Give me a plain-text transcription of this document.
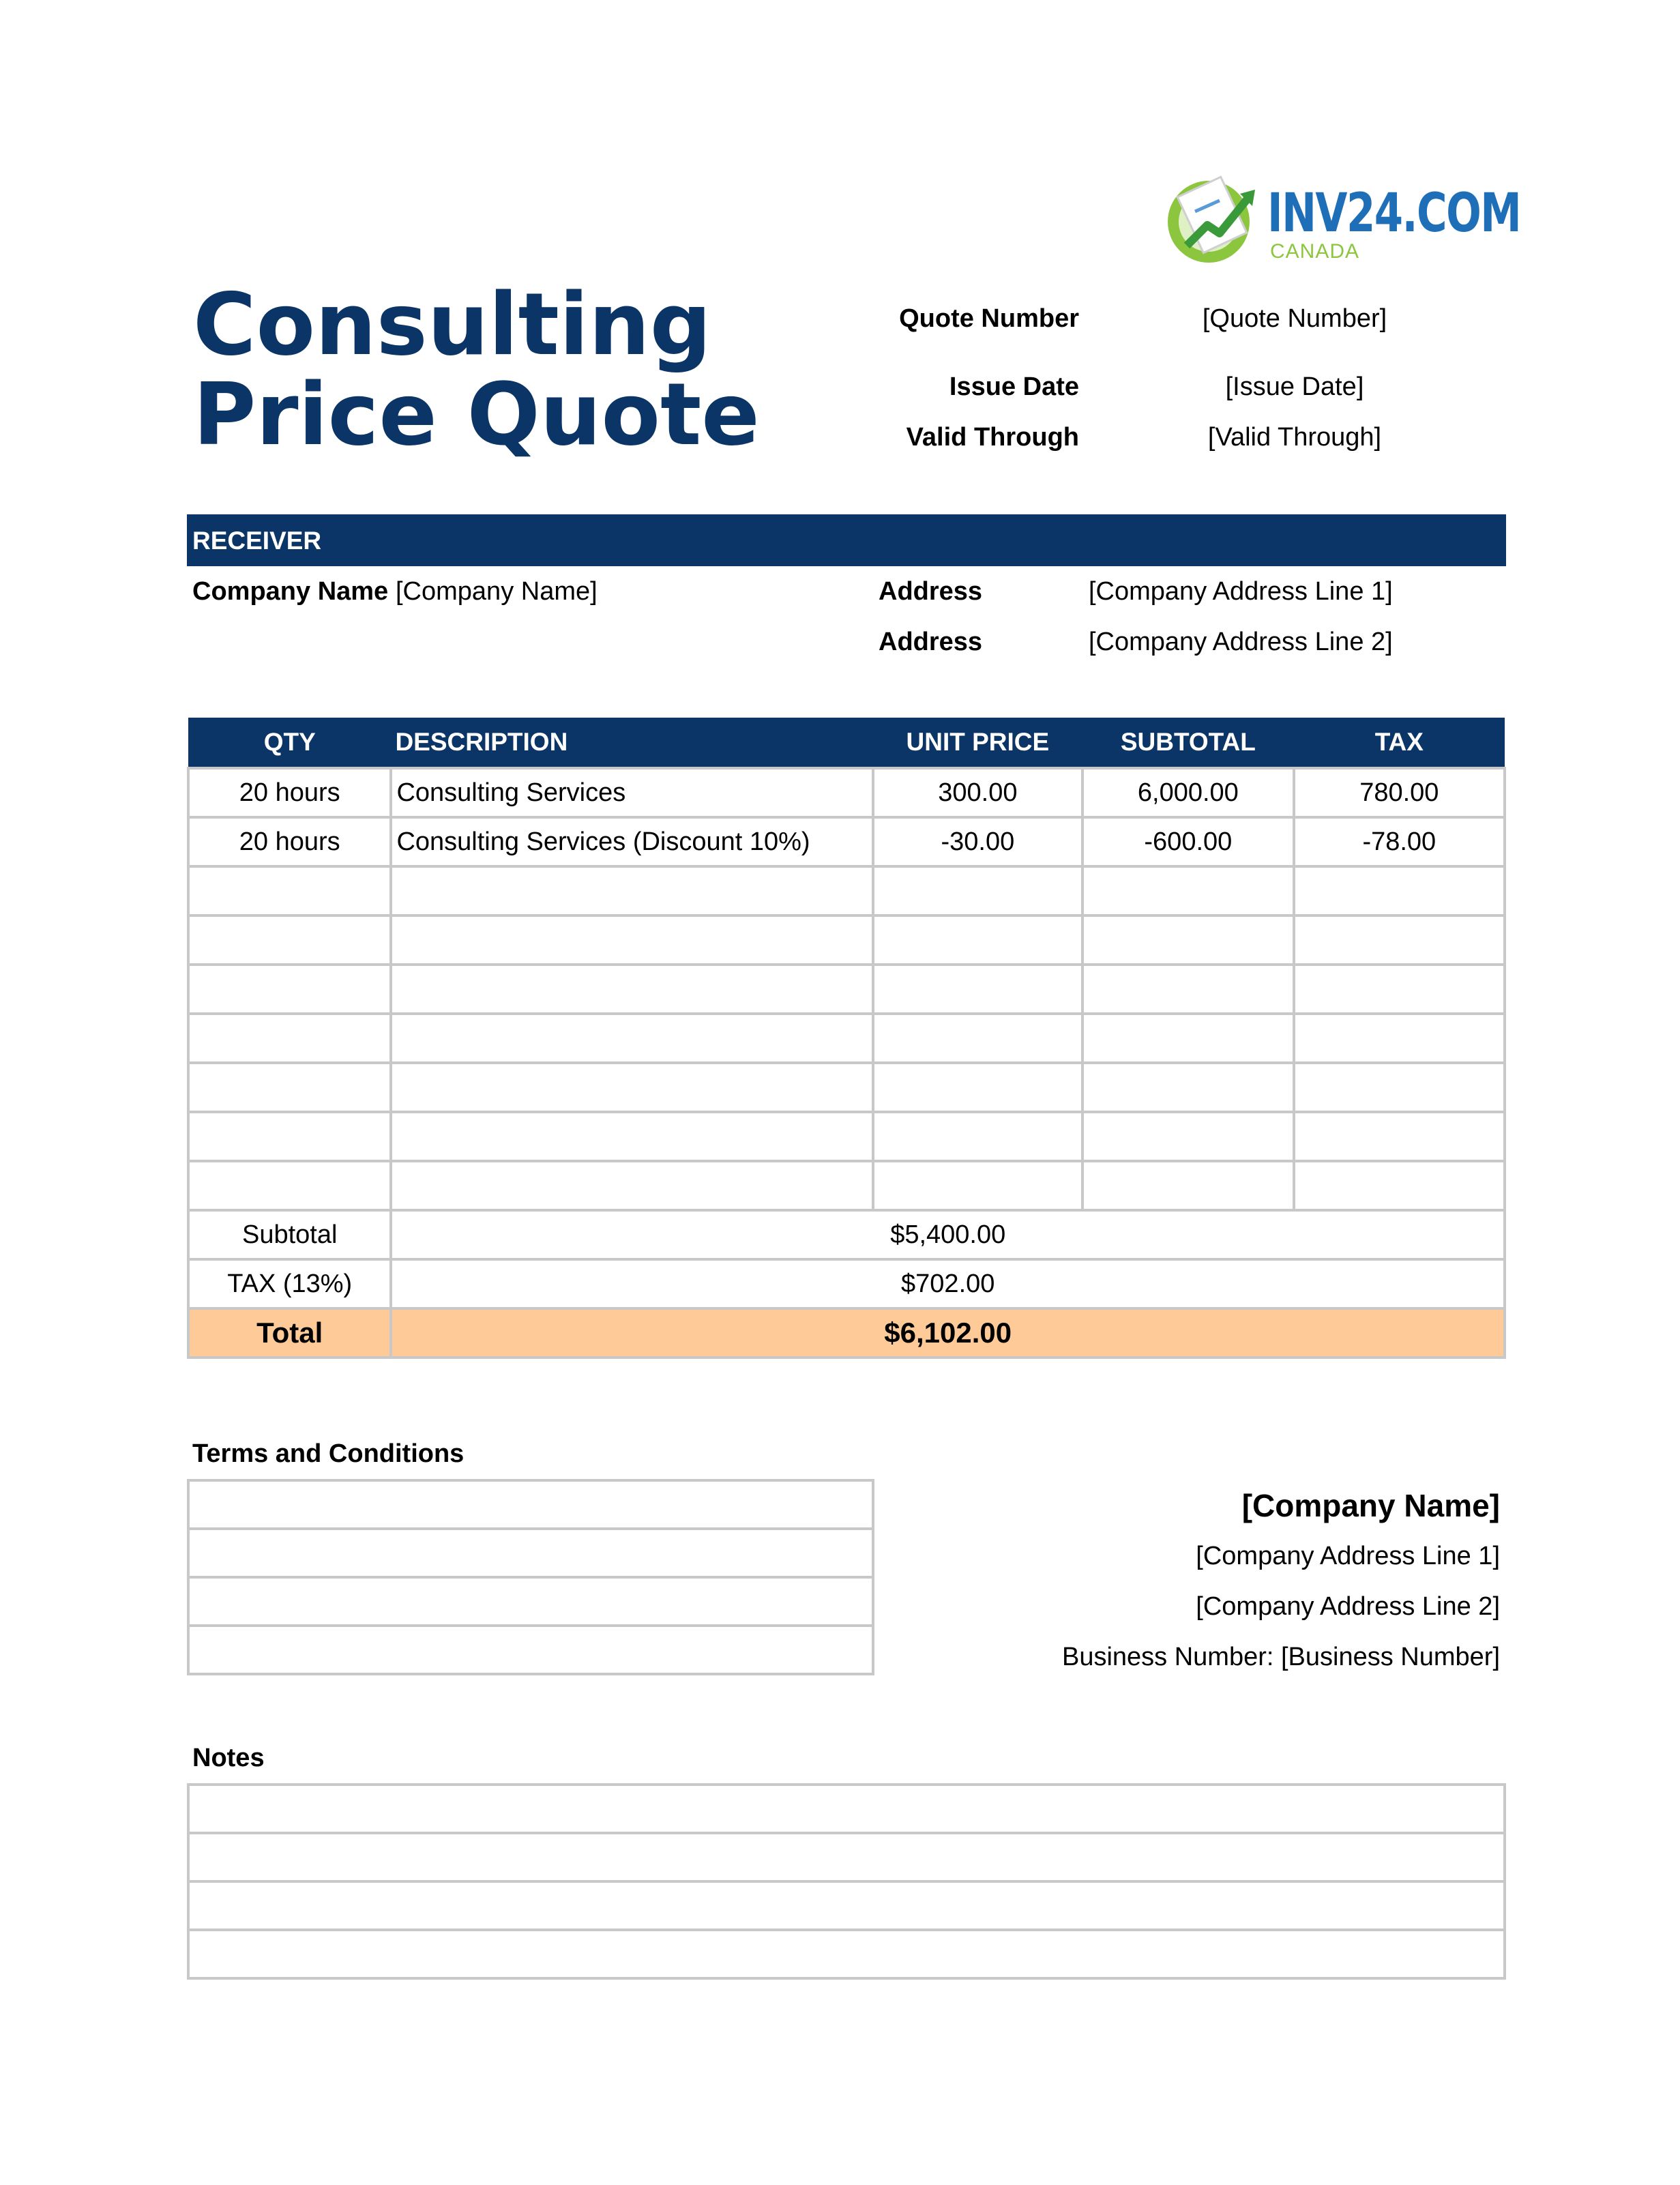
INV24.COM
CANADA
Consulting
Price Quote
Quote Number	[Quote Number]
Issue Date	[Issue Date]
Valid Through	[Valid Through]
RECEIVER
Company Name [Company Name]	Address	[Company Address Line 1]
Address	[Company Address Line 2]
QTY	DESCRIPTION	UNIT PRICE	SUBTOTAL	TAX
20 hours	Consulting Services	300.00	6,000.00	780.00
20 hours	Consulting Services (Discount 10%)	-30.00	-600.00	-78.00

Subtotal	$5,400.00			
TAX (13%)	$702.00			
Total	$6,102.00			
Terms and Conditions

[Company Name]
[Company Address Line 1]
[Company Address Line 2]
Business Number: [Business Number]
Notes
